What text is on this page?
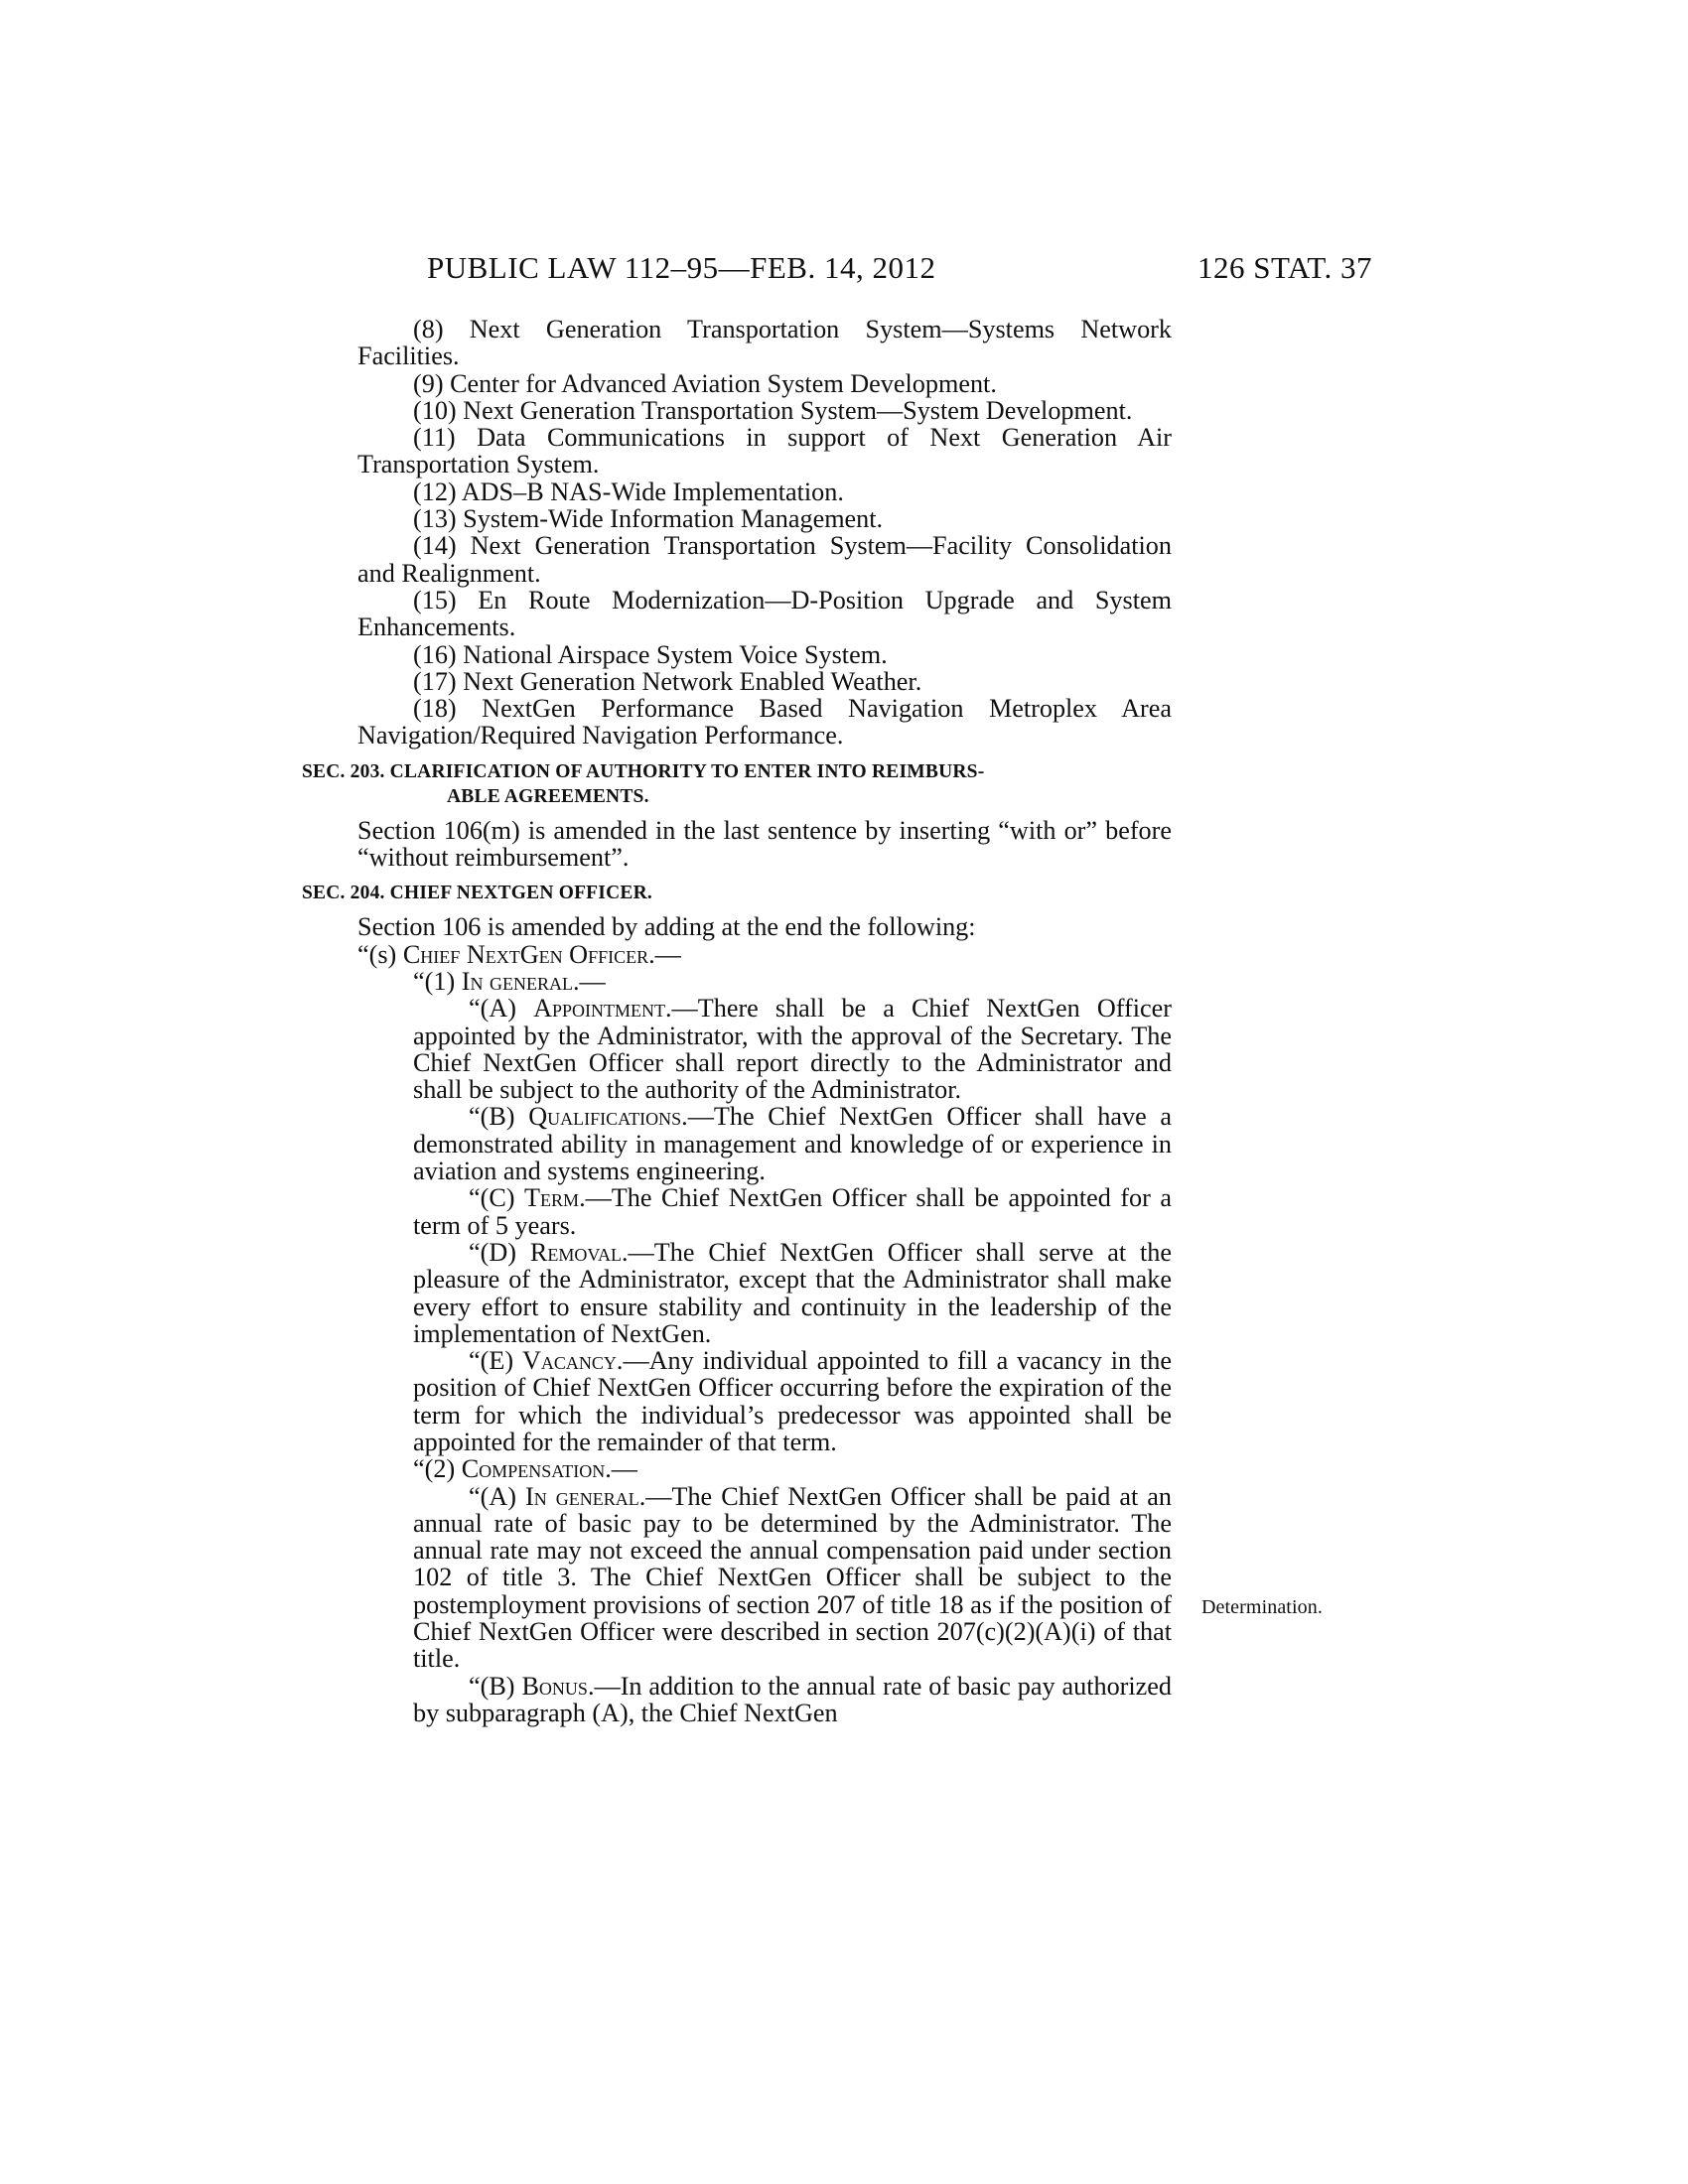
PUBLIC LAW 112–95—FEB. 14, 2012	126 STAT. 37

(8) Next Generation Transportation System—Systems Network Facilities.

(9) Center for Advanced Aviation System Development.

(10) Next Generation Transportation System—System Development.

(11) Data Communications in support of Next Generation Air Transportation System.

(12) ADS–B NAS-Wide Implementation.

(13) System-Wide Information Management.

(14) Next Generation Transportation System—Facility Consolidation and Realignment.

(15) En Route Modernization—D-Position Upgrade and System Enhancements.

(16) National Airspace System Voice System.

(17) Next Generation Network Enabled Weather.

(18) NextGen Performance Based Navigation Metroplex Area Navigation/Required Navigation Performance.

SEC. 203. CLARIFICATION OF AUTHORITY TO ENTER INTO REIMBURS-
ABLE AGREEMENTS.

Section 106(m) is amended in the last sentence by inserting “with or” before “without reimbursement”.

SEC. 204. CHIEF NEXTGEN OFFICER.

Section 106 is amended by adding at the end the following:

“(s) Chief NextGen Officer.—

“(1) In general.—

“(A) Appointment.—There shall be a Chief NextGen Officer appointed by the Administrator, with the approval of the Secretary. The Chief NextGen Officer shall report directly to the Administrator and shall be subject to the authority of the Administrator.

“(B) Qualifications.—The Chief NextGen Officer shall have a demonstrated ability in management and knowledge of or experience in aviation and systems engineering.

“(C) Term.—The Chief NextGen Officer shall be appointed for a term of 5 years.

“(D) Removal.—The Chief NextGen Officer shall serve at the pleasure of the Administrator, except that the Administrator shall make every effort to ensure stability and continuity in the leadership of the implementation of NextGen.

“(E) Vacancy.—Any individual appointed to fill a vacancy in the position of Chief NextGen Officer occurring before the expiration of the term for which the individual’s predecessor was appointed shall be appointed for the remainder of that term.

“(2) Compensation.—

“(A) In general.—The Chief NextGen Officer shall be paid at an annual rate of basic pay to be determined by the Administrator. The annual rate may not exceed the annual compensation paid under section 102 of title 3. The Chief NextGen Officer shall be subject to the postemployment provisions of section 207 of title 18 as if the position of Chief NextGen Officer were described in section 207(c)(2)(A)(i) of that title.

“(B) Bonus.—In addition to the annual rate of basic pay authorized by subparagraph (A), the Chief NextGen

Determination.
